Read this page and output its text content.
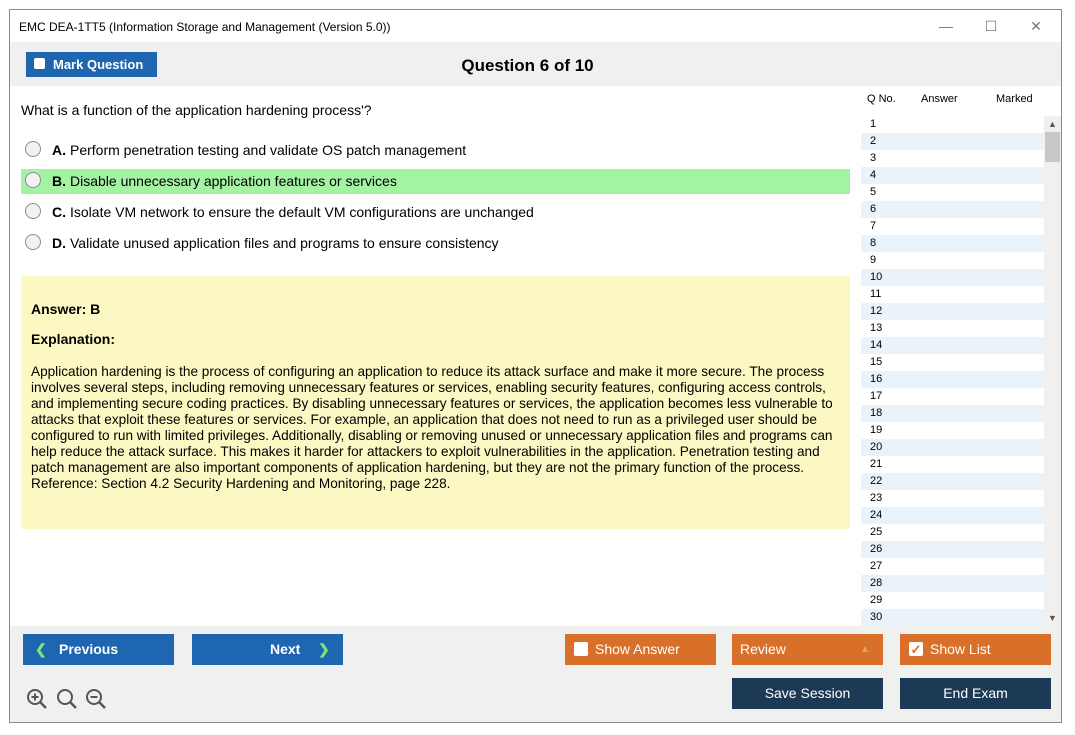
EMC DEA-1TT5 (Information Storage and Management (Version 5.0))	—	☐	✕
Mark Question	Question 6 of 10
What is a function of the application hardening process'?
A. Perform penetration testing and validate OS patch management
B. Disable unnecessary application features or services
C. Isolate VM network to ensure the default VM configurations are unchanged
D. Validate unused application files and programs to ensure consistency
Answer: B
Explanation:
Application hardening is the process of configuring an application to reduce its attack surface and make it more secure. The process involves several steps, including removing unnecessary features or services, enabling security features, configuring access controls, and implementing secure coding practices. By disabling unnecessary features or services, the application becomes less vulnerable to attacks that exploit these features or services. For example, an application that does not need to run as a privileged user should be configured to run with limited privileges. Additionally, disabling or removing unused or unnecessary application files and programs can help reduce the attack surface. This makes it harder for attackers to exploit vulnerabilities in the application. Penetration testing and patch management are also important components of application hardening, but they are not the primary function of the process. Reference: Section 4.2 Security Hardening and Monitoring, page 228.
Q No. Answer	Marked
1
2
3
4
5
6
7
8
9
10
11
12
13
14
15
16
17
18
19
20
21
22
23
24
25
26
27
28
29
30
▲
▼
❮ Previous	Next ❯	Show Answer	Review	▲	✓ Show List
Save Session	End Exam
